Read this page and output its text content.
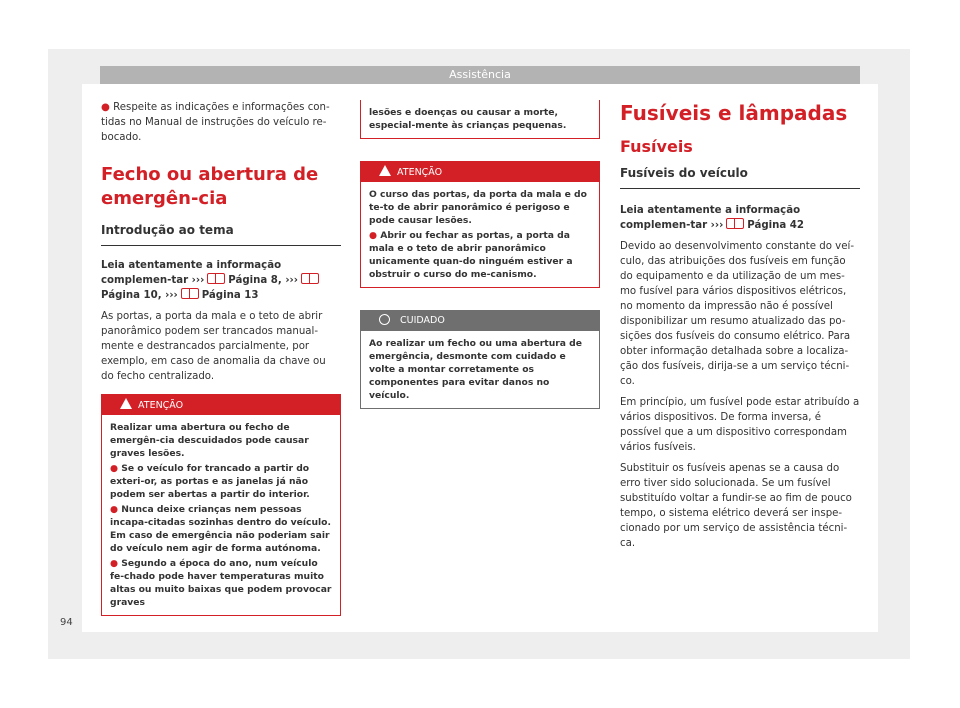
Assistência

● Respeite as indicações e informações con-tidas no Manual de instruções do veículo re-bocado.

Fecho ou abertura de emergên-cia
Introdução ao tema

Leia atentamente a informação complemen-tar ››› Página 8, ›››Página 10, ››› Página 13

As portas, a porta da mala e o teto de abrir panorâmico podem ser trancados manual-mente e destrancados parcialmente, por exemplo, em caso de anomalia da chave ou do fecho centralizado.

ATENÇÃO
Realizar uma abertura ou fecho de emergên-cia descuidados pode causar graves lesões.
● Se o veículo for trancado a partir do exteri-or, as portas e as janelas já não podem ser abertas a partir do interior.
● Nunca deixe crianças nem pessoas incapa-citadas sozinhas dentro do veículo. Em caso de emergência não poderiam sair do veículo nem agir de forma autónoma.
● Segundo a época do ano, num veículo fe-chado pode haver temperaturas muito altas ou muito baixas que podem provocar graves
lesões e doenças ou causar a morte, especial-mente às crianças pequenas.
ATENÇÃO
O curso das portas, da porta da mala e do te-to de abrir panorâmico é perigoso e pode causar lesões.
● Abrir ou fechar as portas, a porta da mala e o teto de abrir panorâmico unicamente quan-do ninguém estiver a obstruir o curso do me-canismo.
CUIDADO
Ao realizar um fecho ou uma abertura de emergência, desmonte com cuidado e volte a montar corretamente os componentes para evitar danos no veículo.
Fusíveis e lâmpadas
Fusíveis
Fusíveis do veículo

Leia atentamente a informação complemen-tar ››› Página 42

Devido ao desenvolvimento constante do veí-culo, das atribuições dos fusíveis em função do equipamento e da utilização de um mes-mo fusível para vários dispositivos elétricos, no momento da impressão não é possível disponibilizar um resumo atualizado das po-sições dos fusíveis do consumo elétrico. Para obter informação detalhada sobre a localiza-ção dos fusíveis, dirija-se a um serviço técni-co.

Em princípio, um fusível pode estar atribuído a vários dispositivos. De forma inversa, é possível que a um dispositivo correspondam vários fusíveis.

Substituir os fusíveis apenas se a causa do erro tiver sido solucionada. Se um fusível substituído voltar a fundir-se ao fim de pouco tempo, o sistema elétrico deverá ser inspe-cionado por um serviço de assistência técni-ca.

94
